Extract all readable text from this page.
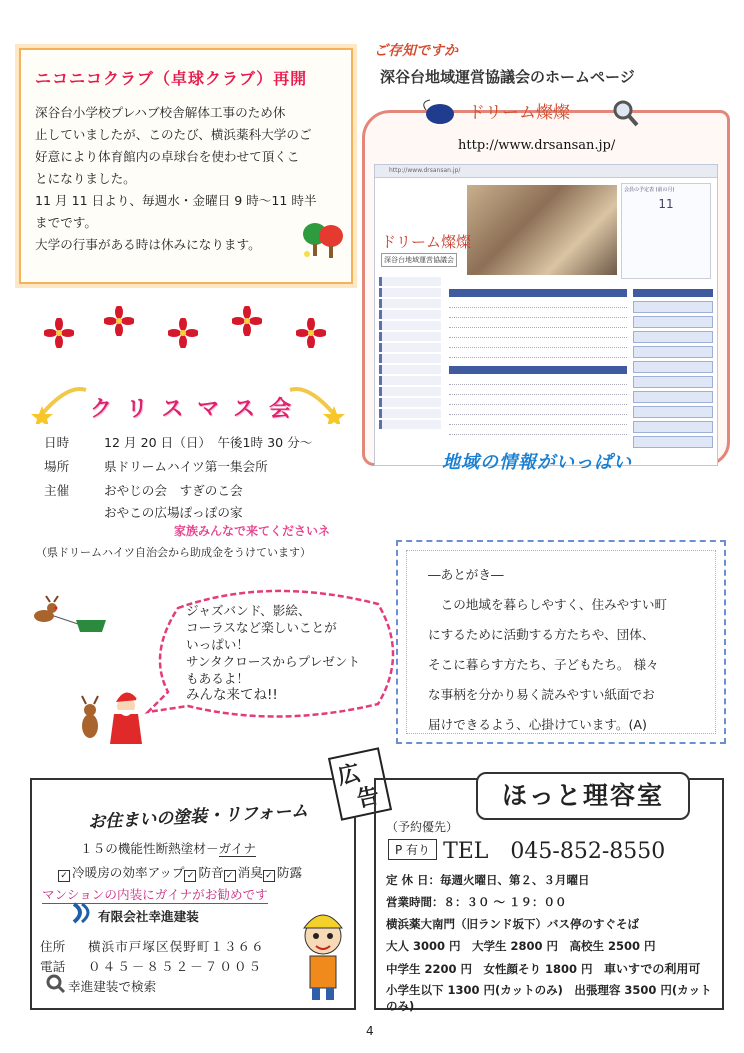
ニコニコクラブ（卓球クラブ）再開

深谷台小学校プレハブ校舎解体工事のため休

止していましたが、このたび、横浜薬科大学のご

好意により体育館内の卓球台を使わせて頂くこ

とになりました。

11 月 11 日より、毎週水・金曜日 9 時～11 時半

までです。

大学の行事がある時は休みになります。

ご存知ですか
深谷台地域運営協議会のホームページ
ドリーム燦燦
http://www.drsansan.jp/
http://www.drsansan.jp/
会員の予定表 (前の月)
11
ドリーム燦燦
深谷台地域運営協議会
地域の情報がいっぱい
クリスマス会
日時	12 月 20 日（日）　午後1時 30 分～
場所	県ドリームハイツ第一集会所
主催	おやじの会　すぎのこ会
おやこの広場ぽっぽの家
家族みんなで来てくださいネ
（県ドリームハイツ自治会から助成金をうけています）
ジャズバンド、影絵、
コーラスなど楽しいことが
いっぱい！
サンタクロースからプレゼント
もあるよ！
みんな来てね!!
―あとがき―
　この地域を暮らしやすく、住みやすい町
にするために活動する方たちや、団体、
そこに暮らす方たち、子どもたち。 様々
な事柄を分かり易く読みやすい紙面でお
届けできるよう、心掛けています。(A)
お住まいの塗装・リフォーム
１５の機能性断熱塗材－ガイナ
✓ 冷暖房の効率アップ ✓ 防音 ✓ 消臭 ✓ 防露
マンションの内装にガイナがお勧めです
有限会社幸進建装
住所 横浜市戸塚区俣野町１３６６
電話 ０４５－８５２－７００５
幸進建装で検索
広
告	ほっと理容室
（予約優先）
P 有り TEL　045-852-8550
定 休 日：毎週火曜日、第２、３月曜日
営業時間：８：３０ ～ １９：００
横浜薬大南門（旧ランド坂下）バス停のすぐそば
大人 3000 円　大学生 2800 円　高校生 2500 円
中学生 2200 円　女性顔そり 1800 円　車いすでの利用可
小学生以下 1300 円(カットのみ)　出張理容 3500 円(カットのみ)
4
